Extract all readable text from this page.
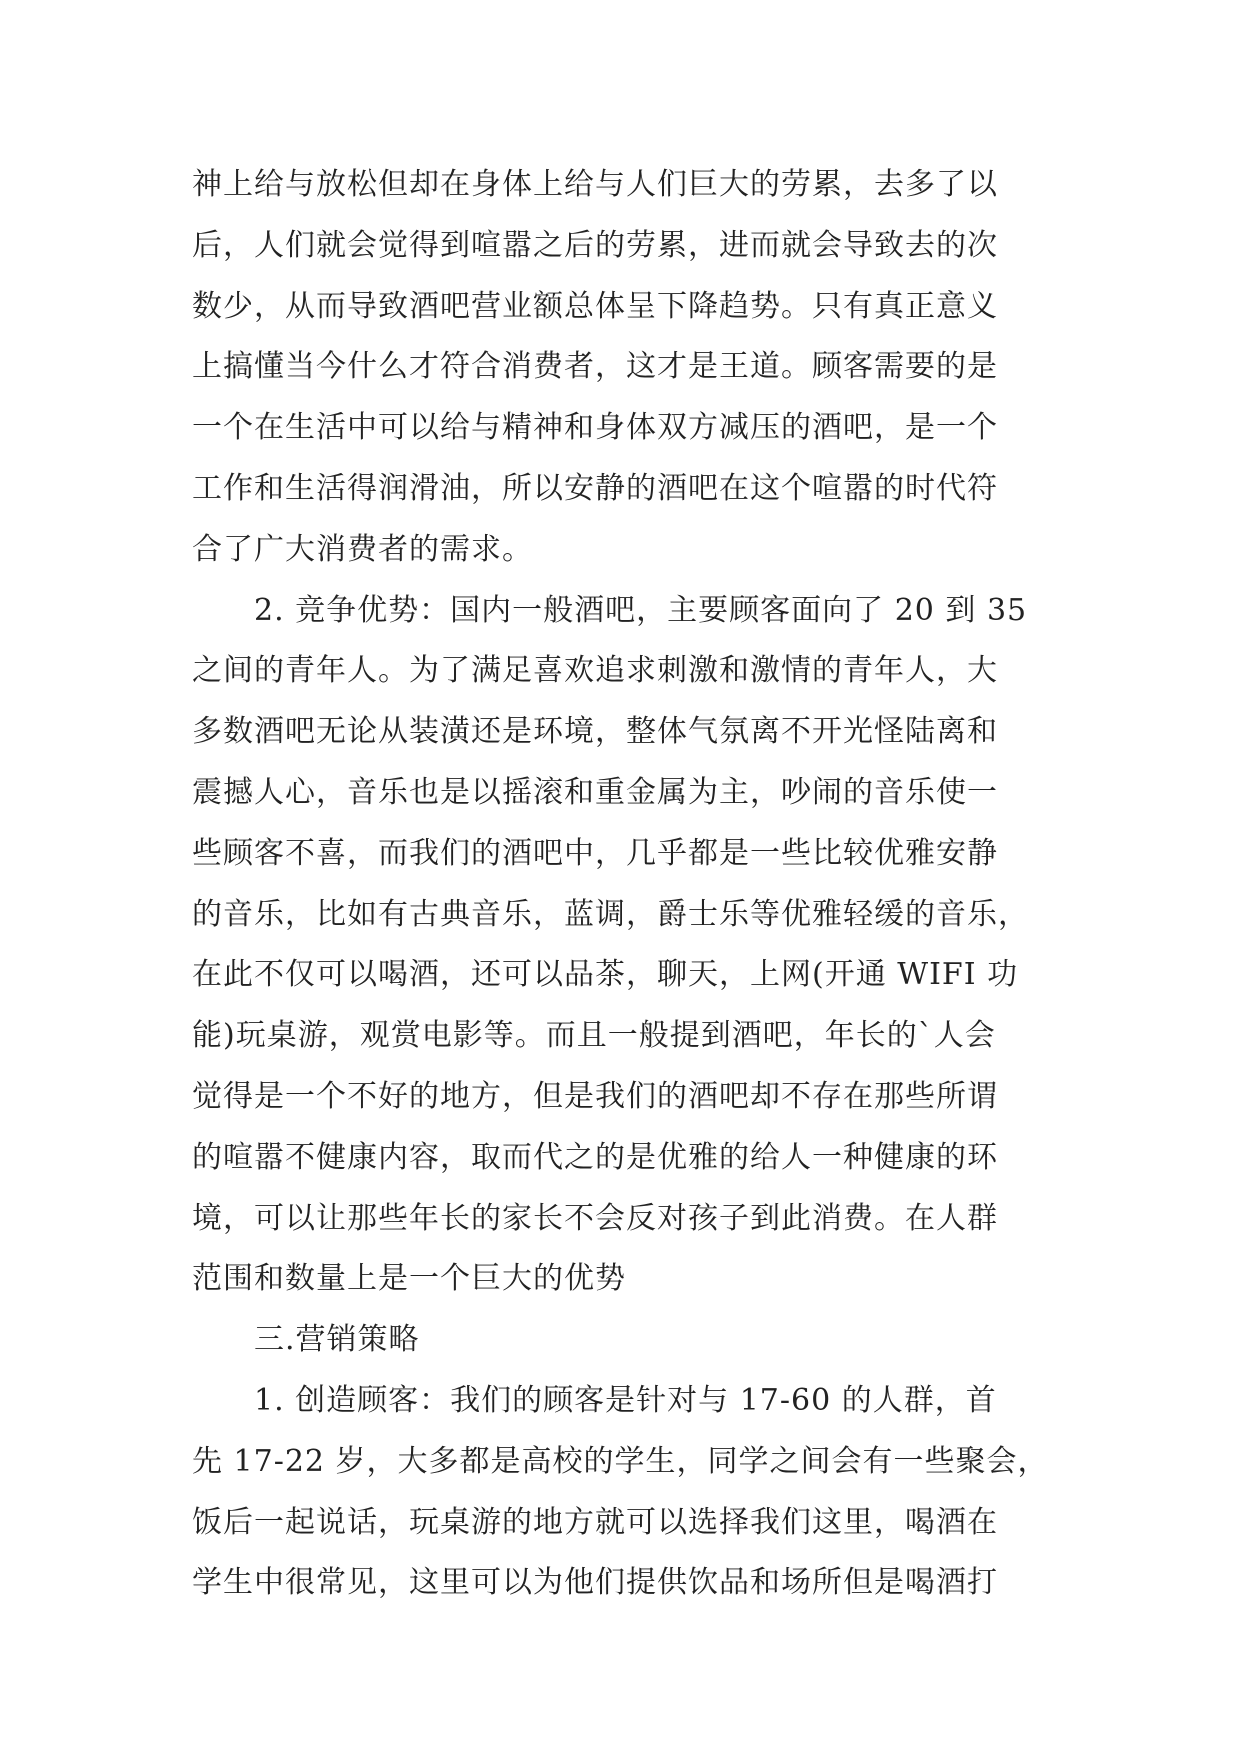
神上给与放松但却在身体上给与人们巨大的劳累，去多了以
后，人们就会觉得到喧嚣之后的劳累，进而就会导致去的次
数少，从而导致酒吧营业额总体呈下降趋势。只有真正意义
上搞懂当今什么才符合消费者，这才是王道。顾客需要的是
一个在生活中可以给与精神和身体双方减压的酒吧，是一个
工作和生活得润滑油，所以安静的酒吧在这个喧嚣的时代符
合了广大消费者的需求。
2. 竞争优势：国内一般酒吧，主要顾客面向了 20 到 35
之间的青年人。为了满足喜欢追求刺激和激情的青年人，大
多数酒吧无论从装潢还是环境，整体气氛离不开光怪陆离和
震撼人心，音乐也是以摇滚和重金属为主，吵闹的音乐使一
些顾客不喜，而我们的酒吧中，几乎都是一些比较优雅安静
的音乐，比如有古典音乐，蓝调，爵士乐等优雅轻缓的音乐，
在此不仅可以喝酒，还可以品茶，聊天，上网(开通 WIFI 功
能)玩桌游，观赏电影等。而且一般提到酒吧，年长的`人会
觉得是一个不好的地方，但是我们的酒吧却不存在那些所谓
的喧嚣不健康内容，取而代之的是优雅的给人一种健康的环
境，可以让那些年长的家长不会反对孩子到此消费。在人群
范围和数量上是一个巨大的优势
三.营销策略
1. 创造顾客：我们的顾客是针对与 17-60 的人群，首
先 17-22 岁，大多都是高校的学生，同学之间会有一些聚会，
饭后一起说话，玩桌游的地方就可以选择我们这里，喝酒在
学生中很常见，这里可以为他们提供饮品和场所但是喝酒打
